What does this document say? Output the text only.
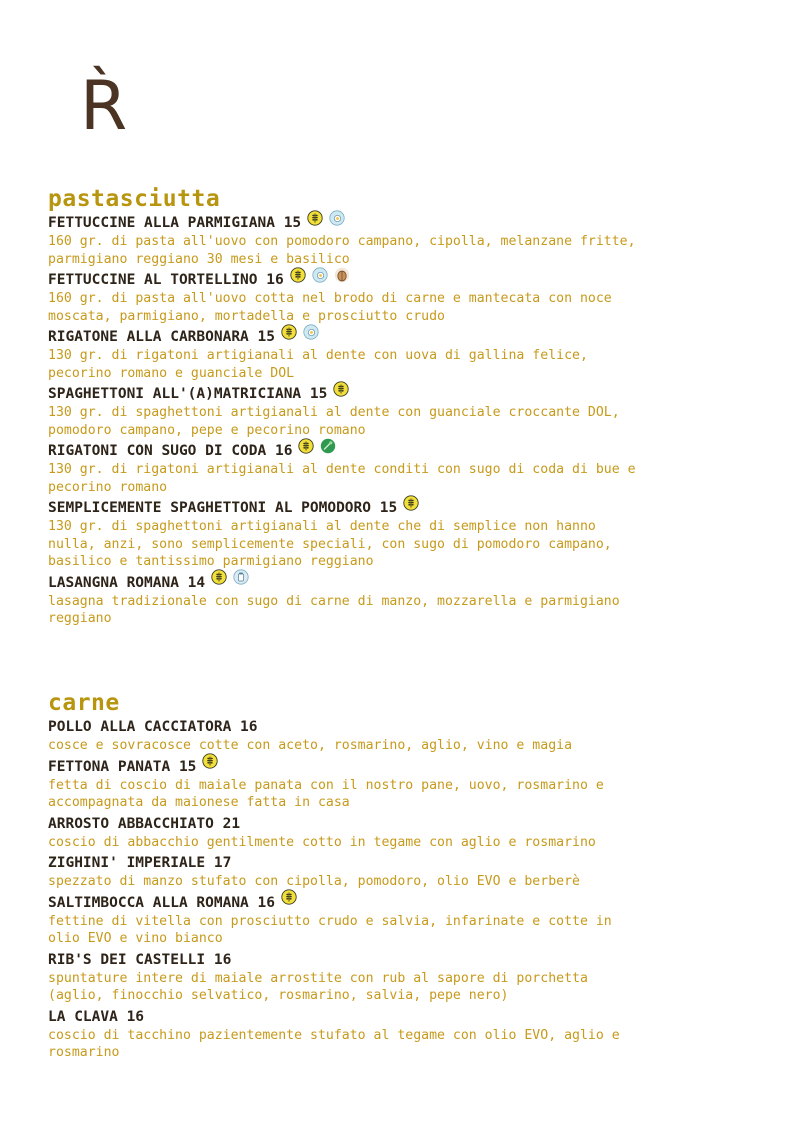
R̀
pastasciutta
FETTUCCINE ALLA PARMIGIANA 15
160 gr. di pasta all'uovo con pomodoro campano, cipolla, melanzane fritte,
parmigiano reggiano 30 mesi e basilico
FETTUCCINE AL TORTELLINO 16
160 gr. di pasta all'uovo cotta nel brodo di carne e mantecata con noce
moscata, parmigiano, mortadella e prosciutto crudo
RIGATONE ALLA CARBONARA 15
130 gr. di rigatoni artigianali al dente con uova di gallina felice,
pecorino romano e guanciale DOL
SPAGHETTONI ALL'(A)MATRICIANA 15
130 gr. di spaghettoni artigianali al dente con guanciale croccante DOL,
pomodoro campano, pepe e pecorino romano
RIGATONI CON SUGO DI CODA 16
130 gr. di rigatoni artigianali al dente conditi con sugo di coda di bue e
pecorino romano
SEMPLICEMENTE SPAGHETTONI AL POMODORO 15
130 gr. di spaghettoni artigianali al dente che di semplice non hanno
nulla, anzi, sono semplicemente speciali, con sugo di pomodoro campano,
basilico e tantissimo parmigiano reggiano
LASANGNA ROMANA 14
lasagna tradizionale con sugo di carne di manzo, mozzarella e parmigiano
reggiano
carne
POLLO ALLA CACCIATORA 16
cosce e sovracosce cotte con aceto, rosmarino, aglio, vino e magia
FETTONA PANATA 15
fetta di coscio di maiale panata con il nostro pane, uovo, rosmarino e
accompagnata da maionese fatta in casa
ARROSTO ABBACCHIATO 21
coscio di abbacchio gentilmente cotto in tegame con aglio e rosmarino
ZIGHINI' IMPERIALE 17
spezzato di manzo stufato con cipolla, pomodoro, olio EVO e berberè
SALTIMBOCCA ALLA ROMANA 16
fettine di vitella con prosciutto crudo e salvia, infarinate e cotte in
olio EVO e vino bianco
RIB'S DEI CASTELLI 16
spuntature intere di maiale arrostite con rub al sapore di porchetta
(aglio, finocchio selvatico, rosmarino, salvia, pepe nero)
LA CLAVA 16
coscio di tacchino pazientemente stufato al tegame con olio EVO, aglio e
rosmarino
